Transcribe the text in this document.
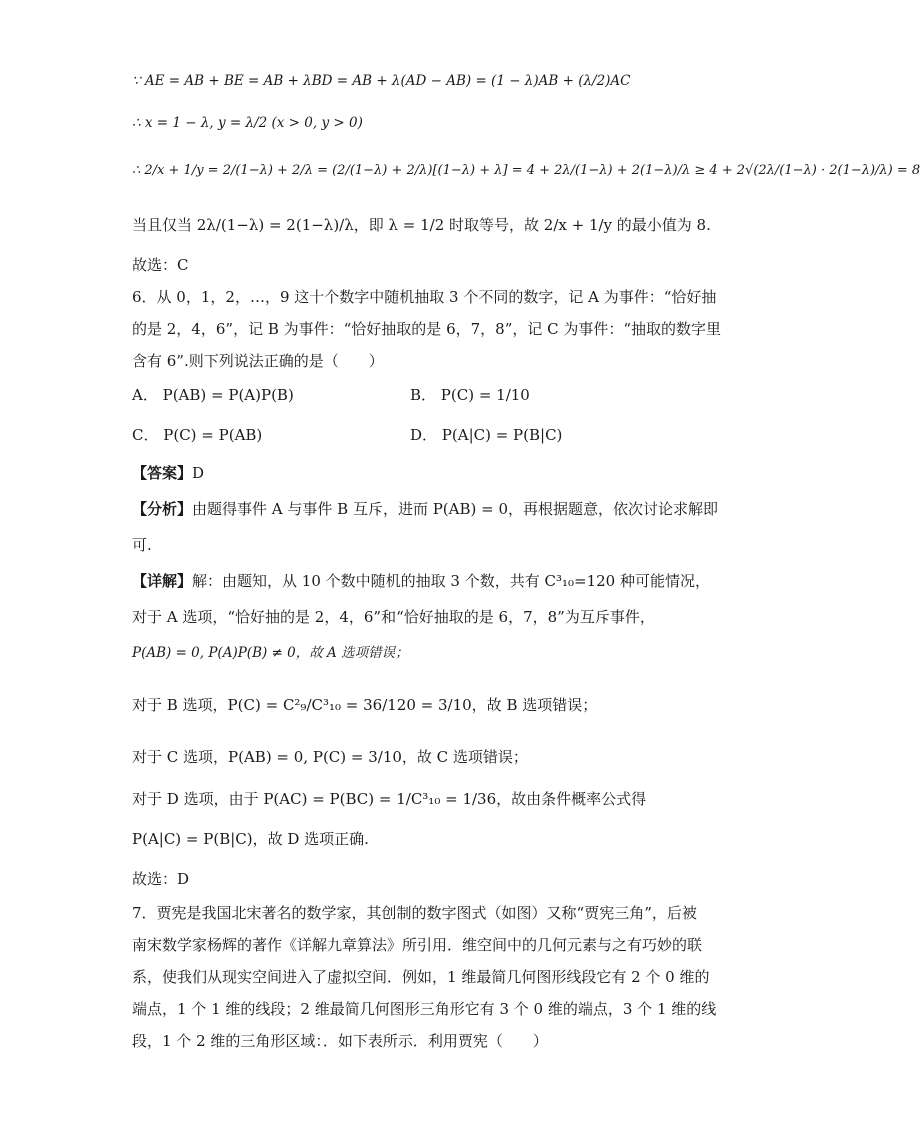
∵ AE = AB + BE = AB + λBD = AB + λ(AD − AB) = (1 − λ)AB + (λ/2)AC
∴ x = 1 − λ, y = λ/2 (x > 0, y > 0)
∴ 2/x + 1/y = 2/(1−λ) + 2/λ = (2/(1−λ) + 2/λ)[(1−λ) + λ] = 4 + 2λ/(1−λ) + 2(1−λ)/λ ≥ 4 + 2√(2λ/(1−λ) · 2(1−λ)/λ) = 8
当且仅当 2λ/(1−λ) = 2(1−λ)/λ，即 λ = 1/2 时取等号，故 2/x + 1/y 的最小值为 8.
故选：C
6．从 0，1，2，…，9 这十个数字中随机抽取 3 个不同的数字，记 A 为事件：“恰好抽
的是 2，4，6”，记 B 为事件：“恰好抽取的是 6，7，8”，记 C 为事件：“抽取的数字里
含有 6”.则下列说法正确的是（　　）
A． P(AB) = P(A)P(B)	B． P(C) = 1/10
C． P(C) = P(AB)	D． P(A|C) = P(B|C)
【答案】D
【分析】由题得事件 A 与事件 B 互斥，进而 P(AB) = 0，再根据题意，依次讨论求解即
可.
【详解】解：由题知，从 10 个数中随机的抽取 3 个数，共有 C³₁₀=120 种可能情况，
对于 A 选项，“恰好抽的是 2，4，6”和“恰好抽取的是 6，7，8”为互斥事件，
P(AB) = 0, P(A)P(B) ≠ 0，故 A 选项错误；
对于 B 选项，P(C) = C²₉/C³₁₀ = 36/120 = 3/10，故 B 选项错误；
对于 C 选项，P(AB) = 0, P(C) = 3/10，故 C 选项错误；
对于 D 选项，由于 P(AC) = P(BC) = 1/C³₁₀ = 1/36，故由条件概率公式得
P(A|C) = P(B|C)，故 D 选项正确.
故选：D
7．贾宪是我国北宋著名的数学家，其创制的数字图式（如图）又称“贾宪三角”，后被
南宋数学家杨辉的著作《详解九章算法》所引用．维空间中的几何元素与之有巧妙的联
系，使我们从现实空间进入了虚拟空间．例如，1 维最简几何图形线段它有 2 个 0 维的
端点，1 个 1 维的线段；2 维最简几何图形三角形它有 3 个 0 维的端点，3 个 1 维的线
段，1 个 2 维的三角形区域：．如下表所示．利用贾宪（　　）
